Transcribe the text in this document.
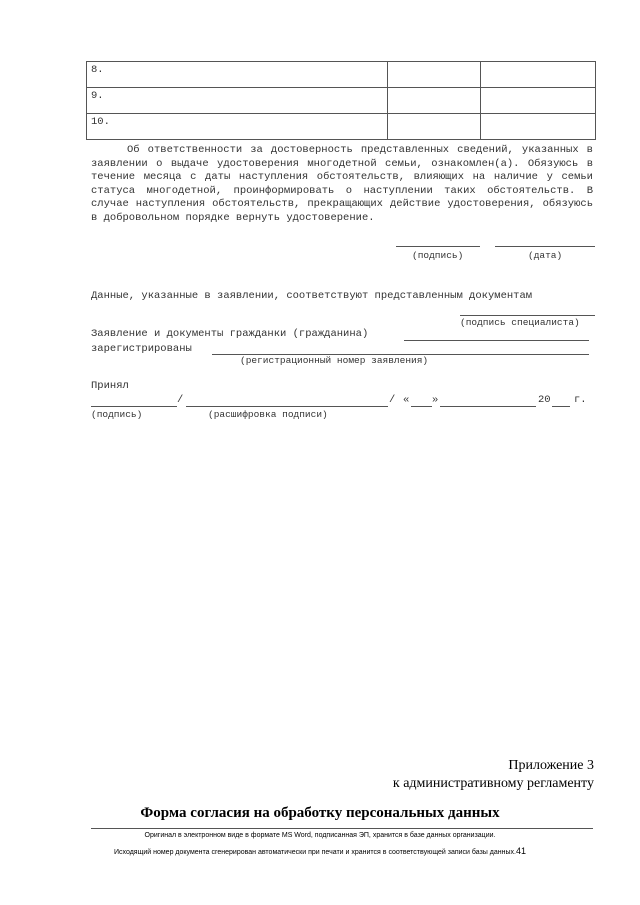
8.		

9.		

10.		

Об ответственности за достоверность представленных сведений, указанных в заявлении о выдаче удостоверения многодетной семьи, ознакомлен(а). Обязуюсь в течение месяца с даты наступления обстоятельств, влияющих на наличие у семьи статуса многодетной, проинформировать о наступлении таких обстоятельств. В случае наступления обстоятельств, прекращающих действие удостоверения, обязуюсь в добровольном порядке вернуть удостоверение.
(подпись)	(дата)
Данные, указанные в заявлении, соответствуют представленным документам
(подпись специалиста)
Заявление и документы гражданки (гражданина)
зарегистрированы
(регистрационный номер заявления)
Принял
/	/ « »	20 г.
(подпись)	(расшифровка подписи)
Приложение 3
к административному регламенту
Форма согласия на обработку персональных данных
Оригинал в электронном виде в формате MS Word, подписанная ЭП, хранится в базе данных организации.
Исходящий номер документа сгенерирован автоматически при печати и хранится в соответствующей записи базы данных.41
